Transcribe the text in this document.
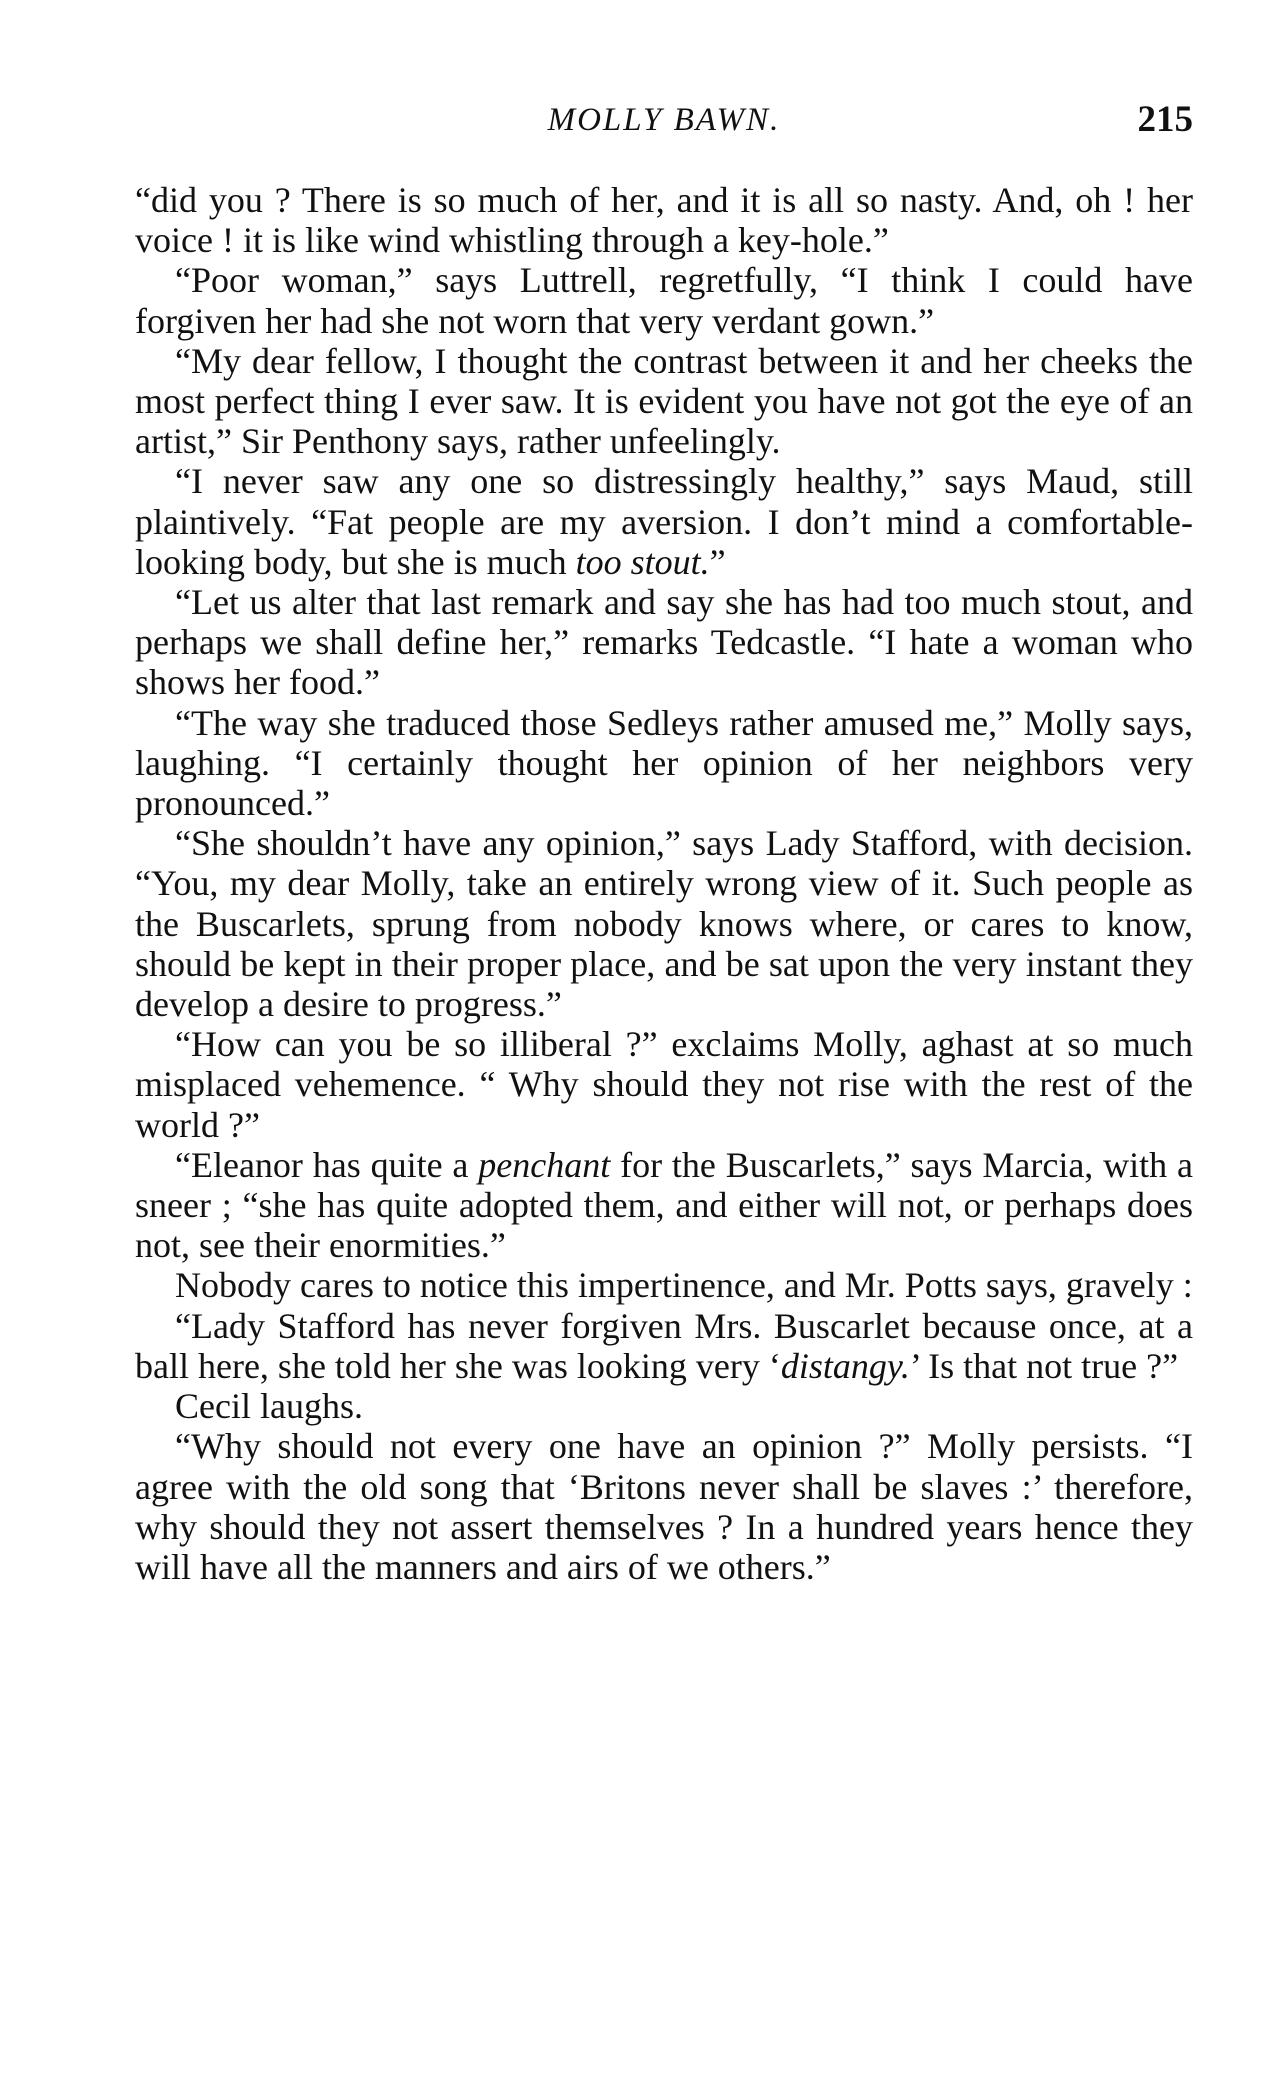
MOLLY BAWN.	215

“did you ? There is so much of her, and it is all so nasty. And, oh ! her voice ! it is like wind whistling through a key-hole.”

“Poor woman,” says Luttrell, regretfully, “I think I could have forgiven her had she not worn that very verdant gown.”

“My dear fellow, I thought the contrast between it and her cheeks the most perfect thing I ever saw. It is evident you have not got the eye of an artist,” Sir Penthony says, rather unfeelingly.

“I never saw any one so distressingly healthy,” says Maud, still plaintively. “Fat people are my aversion. I don’t mind a comfortable-looking body, but she is much too stout.”

“Let us alter that last remark and say she has had too much stout, and perhaps we shall define her,” remarks Tedcastle. “I hate a woman who shows her food.”

“The way she traduced those Sedleys rather amused me,” Molly says, laughing. “I certainly thought her opinion of her neighbors very pronounced.”

“She shouldn’t have any opinion,” says Lady Stafford, with decision. “You, my dear Molly, take an entirely wrong view of it. Such people as the Buscarlets, sprung from nobody knows where, or cares to know, should be kept in their proper place, and be sat upon the very instant they develop a desire to progress.”

“How can you be so illiberal ?” exclaims Molly, aghast at so much misplaced vehemence. “ Why should they not rise with the rest of the world ?”

“Eleanor has quite a penchant for the Buscarlets,” says Marcia, with a sneer ; “she has quite adopted them, and either will not, or perhaps does not, see their enormities.”

Nobody cares to notice this impertinence, and Mr. Potts says, gravely :

“Lady Stafford has never forgiven Mrs. Buscarlet because once, at a ball here, she told her she was looking very ‘distangy.’ Is that not true ?”

Cecil laughs.

“Why should not every one have an opinion ?” Molly persists. “I agree with the old song that ‘Britons never shall be slaves :’ therefore, why should they not assert themselves ? In a hundred years hence they will have all the manners and airs of we others.”
